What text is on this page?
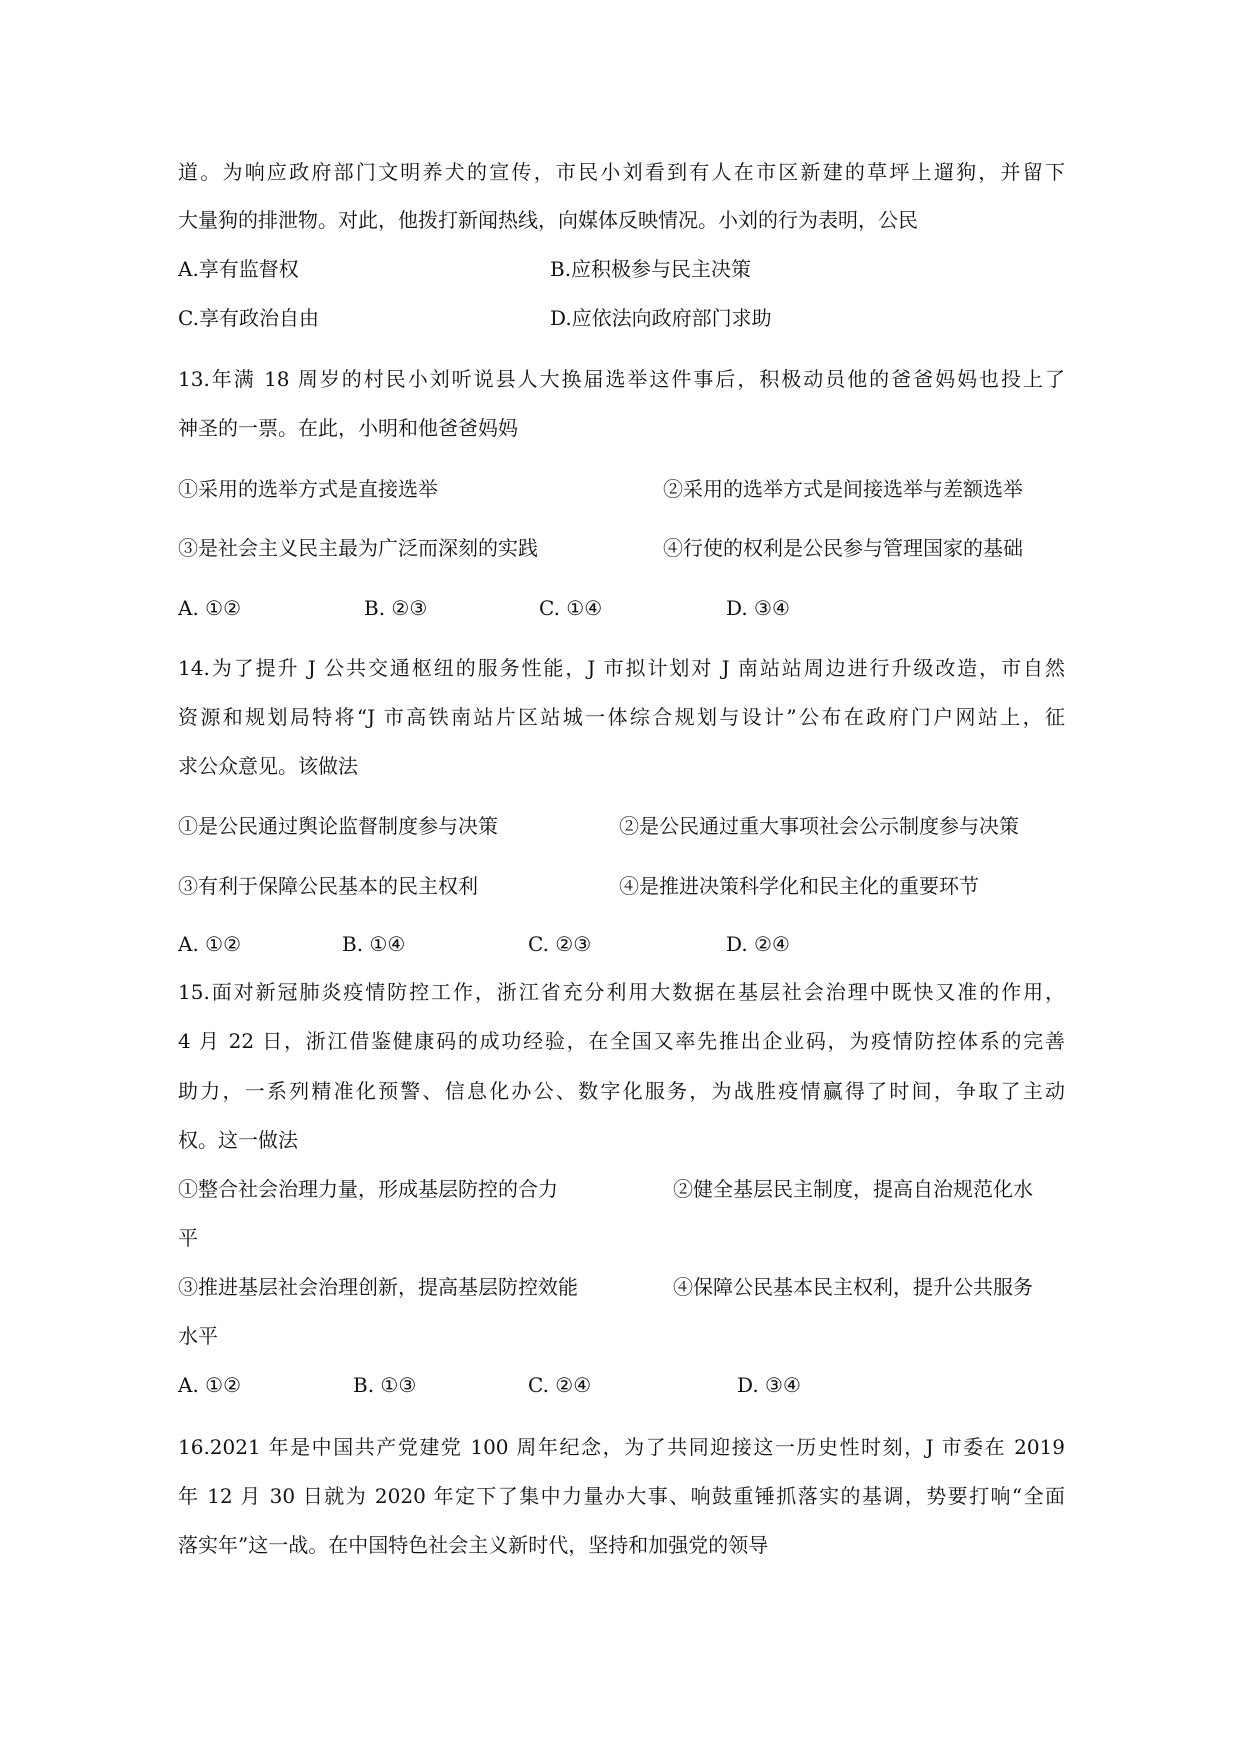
道。为响应政府部门文明养犬的宣传，市民小刘看到有人在市区新建的草坪上遛狗，并留下
大量狗的排泄物。对此，他拨打新闻热线，向媒体反映情况。小刘的行为表明，公民
A.享有监督权	B.应积极参与民主决策
C.享有政治自由	D.应依法向政府部门求助
13.年满 18 周岁的村民小刘听说县人大换届选举这件事后，积极动员他的爸爸妈妈也投上了
神圣的一票。在此，小明和他爸爸妈妈
①采用的选举方式是直接选举	②采用的选举方式是间接选举与差额选举
③是社会主义民主最为广泛而深刻的实践	④行使的权利是公民参与管理国家的基础
A. ①②	B. ②③	C. ①④	D. ③④
14.为了提升 J 公共交通枢纽的服务性能，J 市拟计划对 J 南站站周边进行升级改造，市自然
资源和规划局特将“J 市高铁南站片区站城一体综合规划与设计”公布在政府门户网站上，征
求公众意见。该做法
①是公民通过舆论监督制度参与决策	②是公民通过重大事项社会公示制度参与决策
③有利于保障公民基本的民主权利	④是推进决策科学化和民主化的重要环节
A. ①②	B. ①④	C. ②③	D. ②④
15.面对新冠肺炎疫情防控工作，浙江省充分利用大数据在基层社会治理中既快又准的作用，
4 月 22 日，浙江借鉴健康码的成功经验，在全国又率先推出企业码，为疫情防控体系的完善
助力，一系列精准化预警、信息化办公、数字化服务，为战胜疫情赢得了时间，争取了主动
权。这一做法
①整合社会治理力量，形成基层防控的合力	②健全基层民主制度，提高自治规范化水
平
③推进基层社会治理创新，提高基层防控效能	④保障公民基本民主权利，提升公共服务
水平
A. ①②	B. ①③	C. ②④	D. ③④
16.2021 年是中国共产党建党 100 周年纪念，为了共同迎接这一历史性时刻，J 市委在 2019
年 12 月 30 日就为 2020 年定下了集中力量办大事、响鼓重锤抓落实的基调，势要打响“全面
落实年”这一战。在中国特色社会主义新时代，坚持和加强党的领导
